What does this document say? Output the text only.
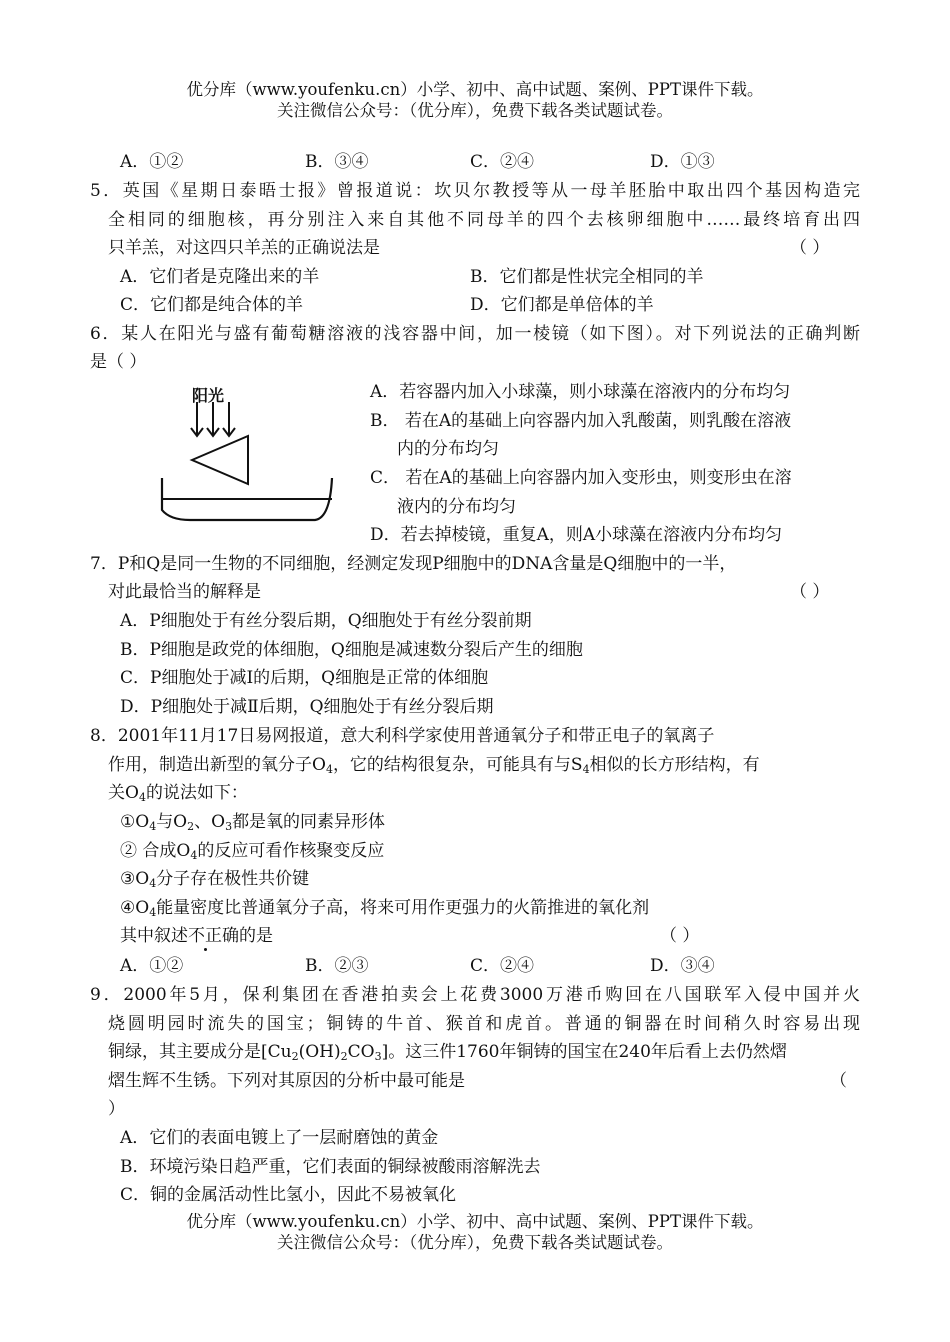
优分库（www.youfenku.cn）小学、初中、高中试题、案例、PPT课件下载。
关注微信公众号：（优分库），免费下载各类试题试卷。
A．①②	B．③④	C．②④	D．①③
5．英国《星期日泰晤士报》曾报道说：坎贝尔教授等从一母羊胚胎中取出四个基因构造完
全相同的细胞核，再分别注入来自其他不同母羊的四个去核卵细胞中……最终培育出四
只羊羔，对这四只羊羔的正确说法是	（ ）
A．它们者是克隆出来的羊	B．它们都是性状完全相同的羊
C．它们都是纯合体的羊	D．它们都是单倍体的羊
6．某人在阳光与盛有葡萄糖溶液的浅容器中间，加一棱镜（如下图）。对下列说法的正确判断
是（ ）
阳光	A．若容器内加入小球藻，则小球藻在溶液内的分布均匀
B． 若在A的基础上向容器内加入乳酸菌，则乳酸在溶液
内的分布均匀
C． 若在A的基础上向容器内加入变形虫，则变形虫在溶
液内的分布均匀
D．若去掉棱镜，重复A，则A小球藻在溶液内分布均匀
7．P和Q是同一生物的不同细胞，经测定发现P细胞中的DNA含量是Q细胞中的一半，
对此最恰当的解释是	（ ）
A．P细胞处于有丝分裂后期，Q细胞处于有丝分裂前期
B．P细胞是政党的体细胞，Q细胞是减速数分裂后产生的细胞
C．P细胞处于减I的后期，Q细胞是正常的体细胞
D．P细胞处于减Ⅱ后期，Q细胞处于有丝分裂后期
8．2001年11月17日易网报道，意大利科学家使用普通氧分子和带正电子的氧离子
作用，制造出新型的氧分子$O_4$，它的结构很复杂，可能具有与$S_4$相似的长方形结构，有
关$O_4$的说法如下：
$①O_4$与$O_2$、$O_3$都是氧的同素异形体
② 合成$O_4$的反应可看作核聚变反应
$③O_4$分子存在极性共价键
$④O_4$能量密度比普通氧分子高，将来可用作更强力的火箭推进的氧化剂
其中叙述不正确的是	（ ）
A．①②	B．②③	C．②④	D．③④
9．2000年5月，保利集团在香港拍卖会上花费3000万港币购回在八国联军入侵中国并火
烧圆明园时流失的国宝；铜铸的牛首、猴首和虎首。普通的铜器在时间稍久时容易出现
铜绿，其主要成分是$[Cu_2(OH)_2CO_3]$。这三件1760年铜铸的国宝在240年后看上去仍然熠
熠生辉不生锈。下列对其原因的分析中最可能是	（
）
A．它们的表面电镀上了一层耐磨蚀的黄金
B．环境污染日趋严重，它们表面的铜绿被酸雨溶解洗去
C．铜的金属活动性比氢小，因此不易被氧化
优分库（www.youfenku.cn）小学、初中、高中试题、案例、PPT课件下载。
关注微信公众号：（优分库），免费下载各类试题试卷。
